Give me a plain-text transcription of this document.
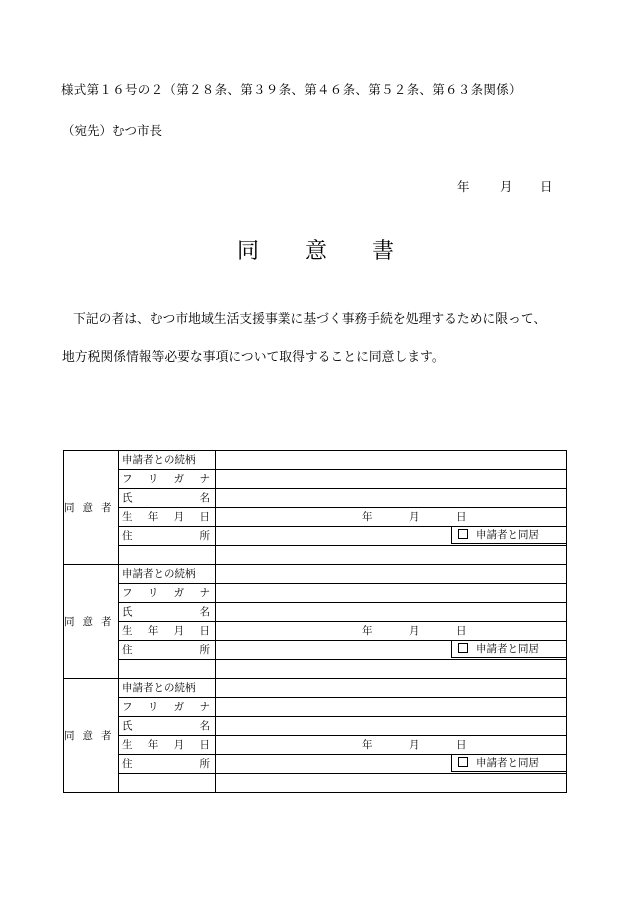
様式第１６号の２（第２８条、第３９条、第４６条、第５２条、第６３条関係）
（宛先）むつ市長
年 月 日
同 意 書
下記の者は、むつ市地域生活支援事業に基づく事務手続を処理するために限って、
地方税関係情報等必要な事項について取得することに同意します。
同 意 者	申請者との続柄	

	フ リ ガ ナ	

	氏 名	

	生 年 月 日	年 月 日

	住 所	申請者と同居

同 意 者	申請者との続柄	

	フ リ ガ ナ	

	氏 名	

	生 年 月 日	年 月 日

	住 所	申請者と同居

同 意 者	申請者との続柄	

	フ リ ガ ナ	

	氏 名	

	生 年 月 日	年 月 日

	住 所	申請者と同居
